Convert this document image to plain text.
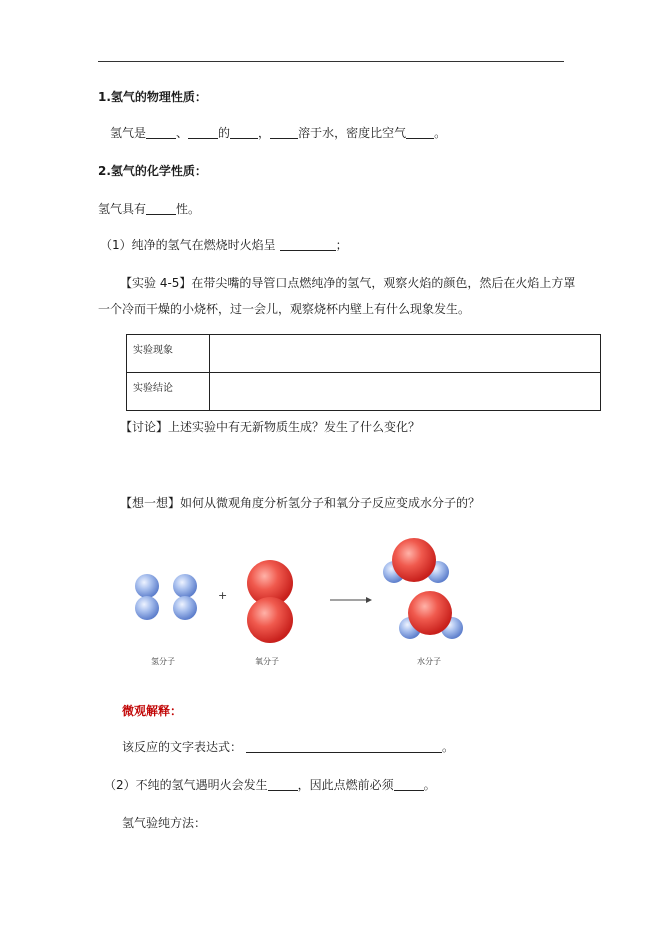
1.氢气的物理性质：
氢气是	、	的 ， 溶于水，密度比空气 。
2.氢气的化学性质：
氢气具有	性。
（1）纯净的氢气在燃烧时火焰呈	；
【实验 4-5】在带尖嘴的导管口点燃纯净的氢气，观察火焰的颜色，然后在火焰上方罩
一个冷而干燥的小烧杯，过一会儿，观察烧杯内壁上有什么现象发生。
实验现象	
实验结论	
【讨论】上述实验中有无新物质生成？发生了什么变化？
【想一想】如何从微观角度分析氢分子和氧分子反应变成水分子的？
+
氢分子	氧分子	水分子
微观解释：
该反应的文字表达式：	。
（2）不纯的氢气遇明火会发生	，因此点燃前必须	。
氢气验纯方法：
